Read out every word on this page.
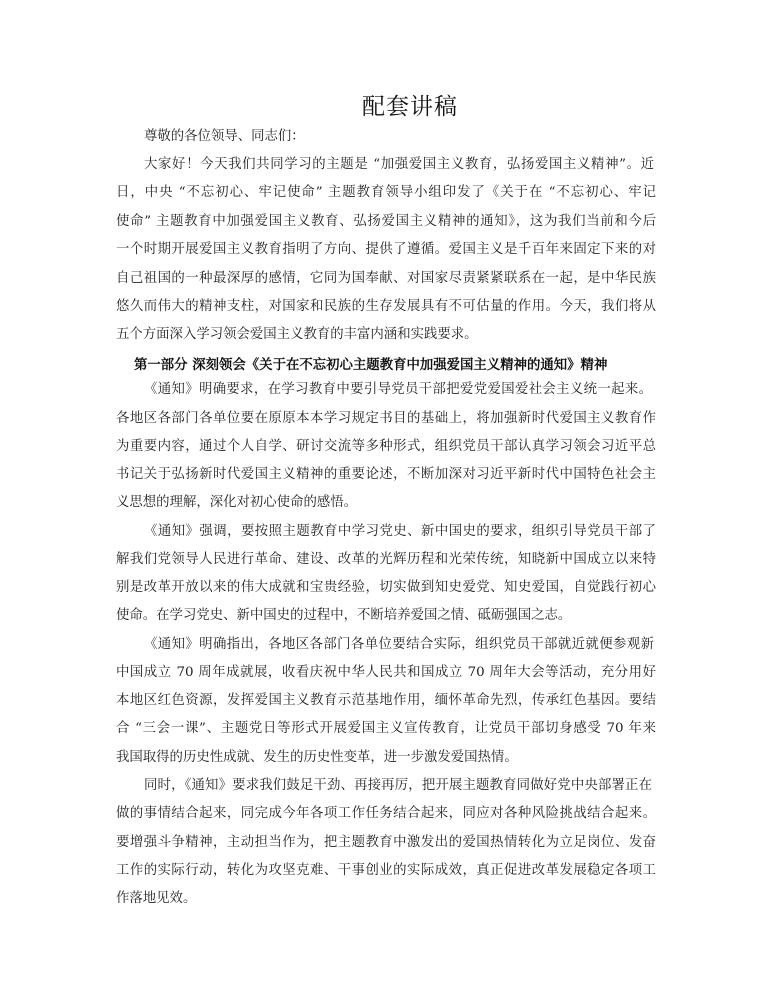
配套讲稿
尊敬的各位领导、同志们：
大家好！今天我们共同学习的主题是 “加强爱国主义教育，弘扬爱国主义精神”。近
日，中央 “不忘初心、牢记使命” 主题教育领导小组印发了《关于在 “不忘初心、牢记
使命” 主题教育中加强爱国主义教育、弘扬爱国主义精神的通知》，这为我们当前和今后
一个时期开展爱国主义教育指明了方向、提供了遵循。爱国主义是千百年来固定下来的对
自己祖国的一种最深厚的感情，它同为国奉献、对国家尽责紧紧联系在一起，是中华民族
悠久而伟大的精神支柱，对国家和民族的生存发展具有不可估量的作用。今天，我们将从
五个方面深入学习领会爱国主义教育的丰富内涵和实践要求。
第一部分 深刻领会《关于在不忘初心主题教育中加强爱国主义精神的通知》精神
《通知》明确要求，在学习教育中要引导党员干部把爱党爱国爱社会主义统一起来。
各地区各部门各单位要在原原本本学习规定书目的基础上，将加强新时代爱国主义教育作
为重要内容，通过个人自学、研讨交流等多种形式，组织党员干部认真学习领会习近平总
书记关于弘扬新时代爱国主义精神的重要论述，不断加深对习近平新时代中国特色社会主
义思想的理解，深化对初心使命的感悟。
《通知》强调，要按照主题教育中学习党史、新中国史的要求，组织引导党员干部了
解我们党领导人民进行革命、建设、改革的光辉历程和光荣传统，知晓新中国成立以来特
别是改革开放以来的伟大成就和宝贵经验，切实做到知史爱党、知史爱国，自觉践行初心
使命。在学习党史、新中国史的过程中，不断培养爱国之情、砥砺强国之志。
《通知》明确指出，各地区各部门各单位要结合实际，组织党员干部就近就便参观新
中国成立 70 周年成就展，收看庆祝中华人民共和国成立 70 周年大会等活动，充分用好
本地区红色资源，发挥爱国主义教育示范基地作用，缅怀革命先烈，传承红色基因。要结
合 “三会一课”、主题党日等形式开展爱国主义宣传教育，让党员干部切身感受 70 年来
我国取得的历史性成就、发生的历史性变革，进一步激发爱国热情。
同时，《通知》要求我们鼓足干劲、再接再厉，把开展主题教育同做好党中央部署正在
做的事情结合起来，同完成今年各项工作任务结合起来，同应对各种风险挑战结合起来。
要增强斗争精神，主动担当作为，把主题教育中激发出的爱国热情转化为立足岗位、发奋
工作的实际行动，转化为攻坚克难、干事创业的实际成效，真正促进改革发展稳定各项工
作落地见效。
